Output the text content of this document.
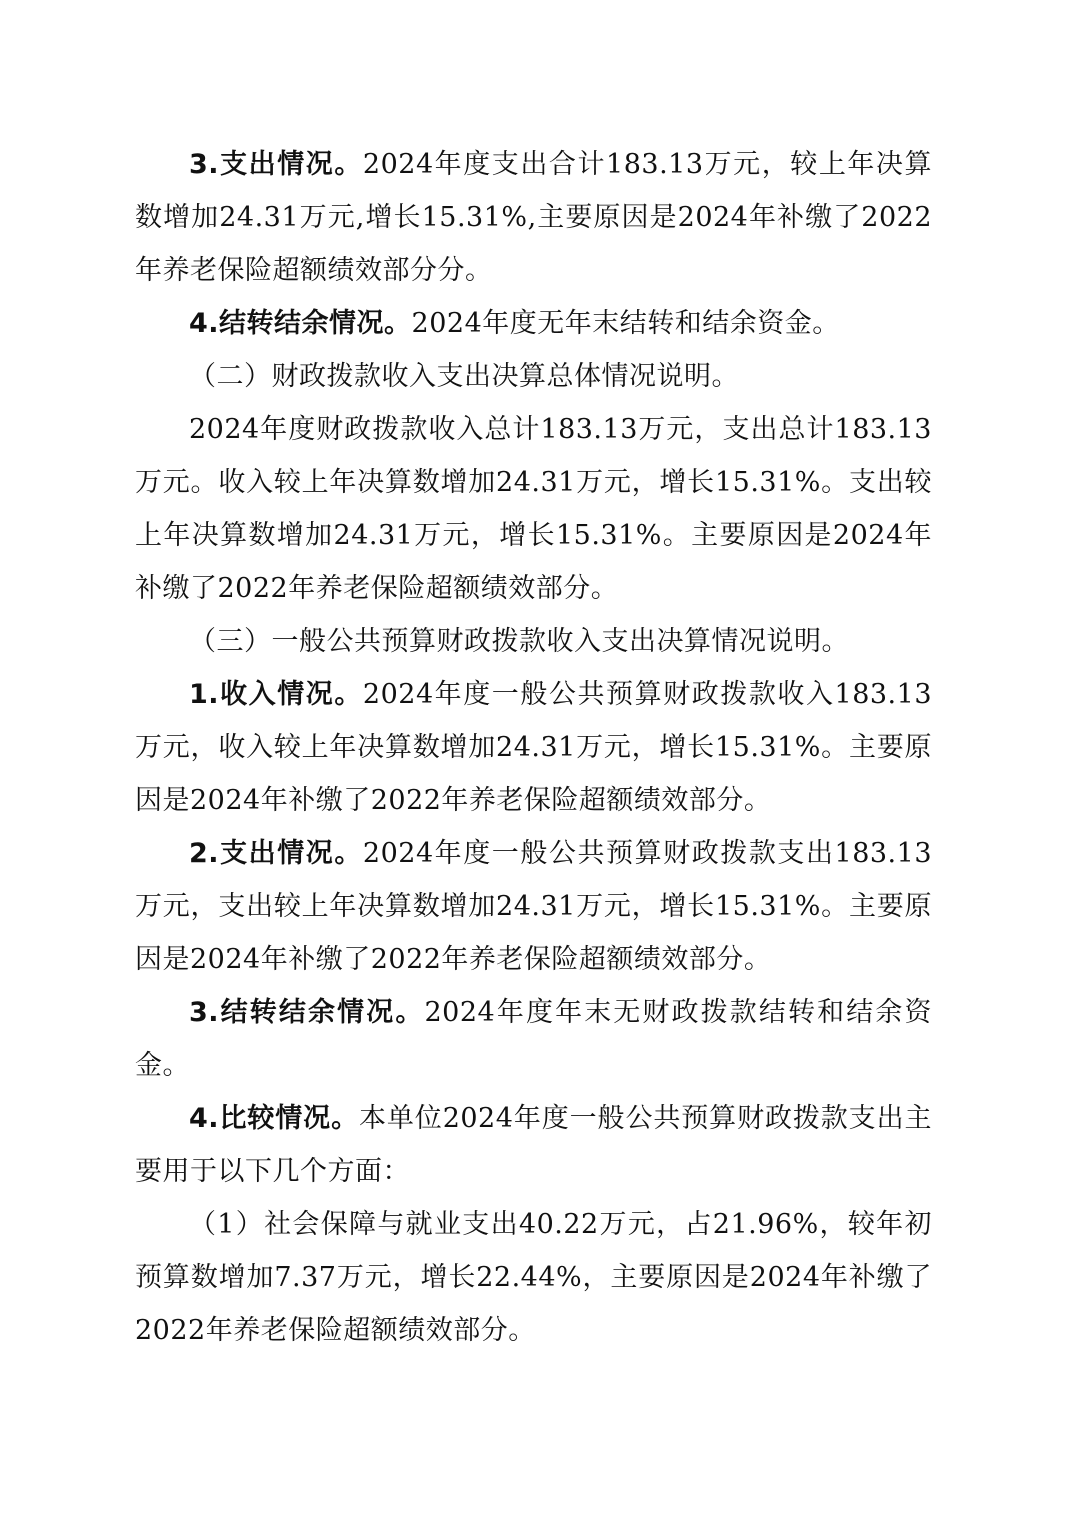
3.支出情况。2024年度支出合计183.13万元，较上年决算数增加24.31万元,增长15.31%,主要原因是2024年补缴了2022年养老保险超额绩效部分分。

4.结转结余情况。2024年度无年末结转和结余资金。

（二）财政拨款收入支出决算总体情况说明。

2024年度财政拨款收入总计183.13万元，支出总计183.13万元。收入较上年决算数增加24.31万元，增长15.31%。支出较上年决算数增加24.31万元，增长15.31%。主要原因是2024年补缴了2022年养老保险超额绩效部分。

（三）一般公共预算财政拨款收入支出决算情况说明。

1.收入情况。2024年度一般公共预算财政拨款收入183.13万元，收入较上年决算数增加24.31万元，增长15.31%。主要原因是2024年补缴了2022年养老保险超额绩效部分。

2.支出情况。2024年度一般公共预算财政拨款支出183.13万元，支出较上年决算数增加24.31万元，增长15.31%。主要原因是2024年补缴了2022年养老保险超额绩效部分。

3.结转结余情况。2024年度年末无财政拨款结转和结余资金。

4.比较情况。本单位2024年度一般公共预算财政拨款支出主要用于以下几个方面：

（1）社会保障与就业支出40.22万元，占21.96%，较年初预算数增加7.37万元，增长22.44%，主要原因是2024年补缴了2022年养老保险超额绩效部分。
